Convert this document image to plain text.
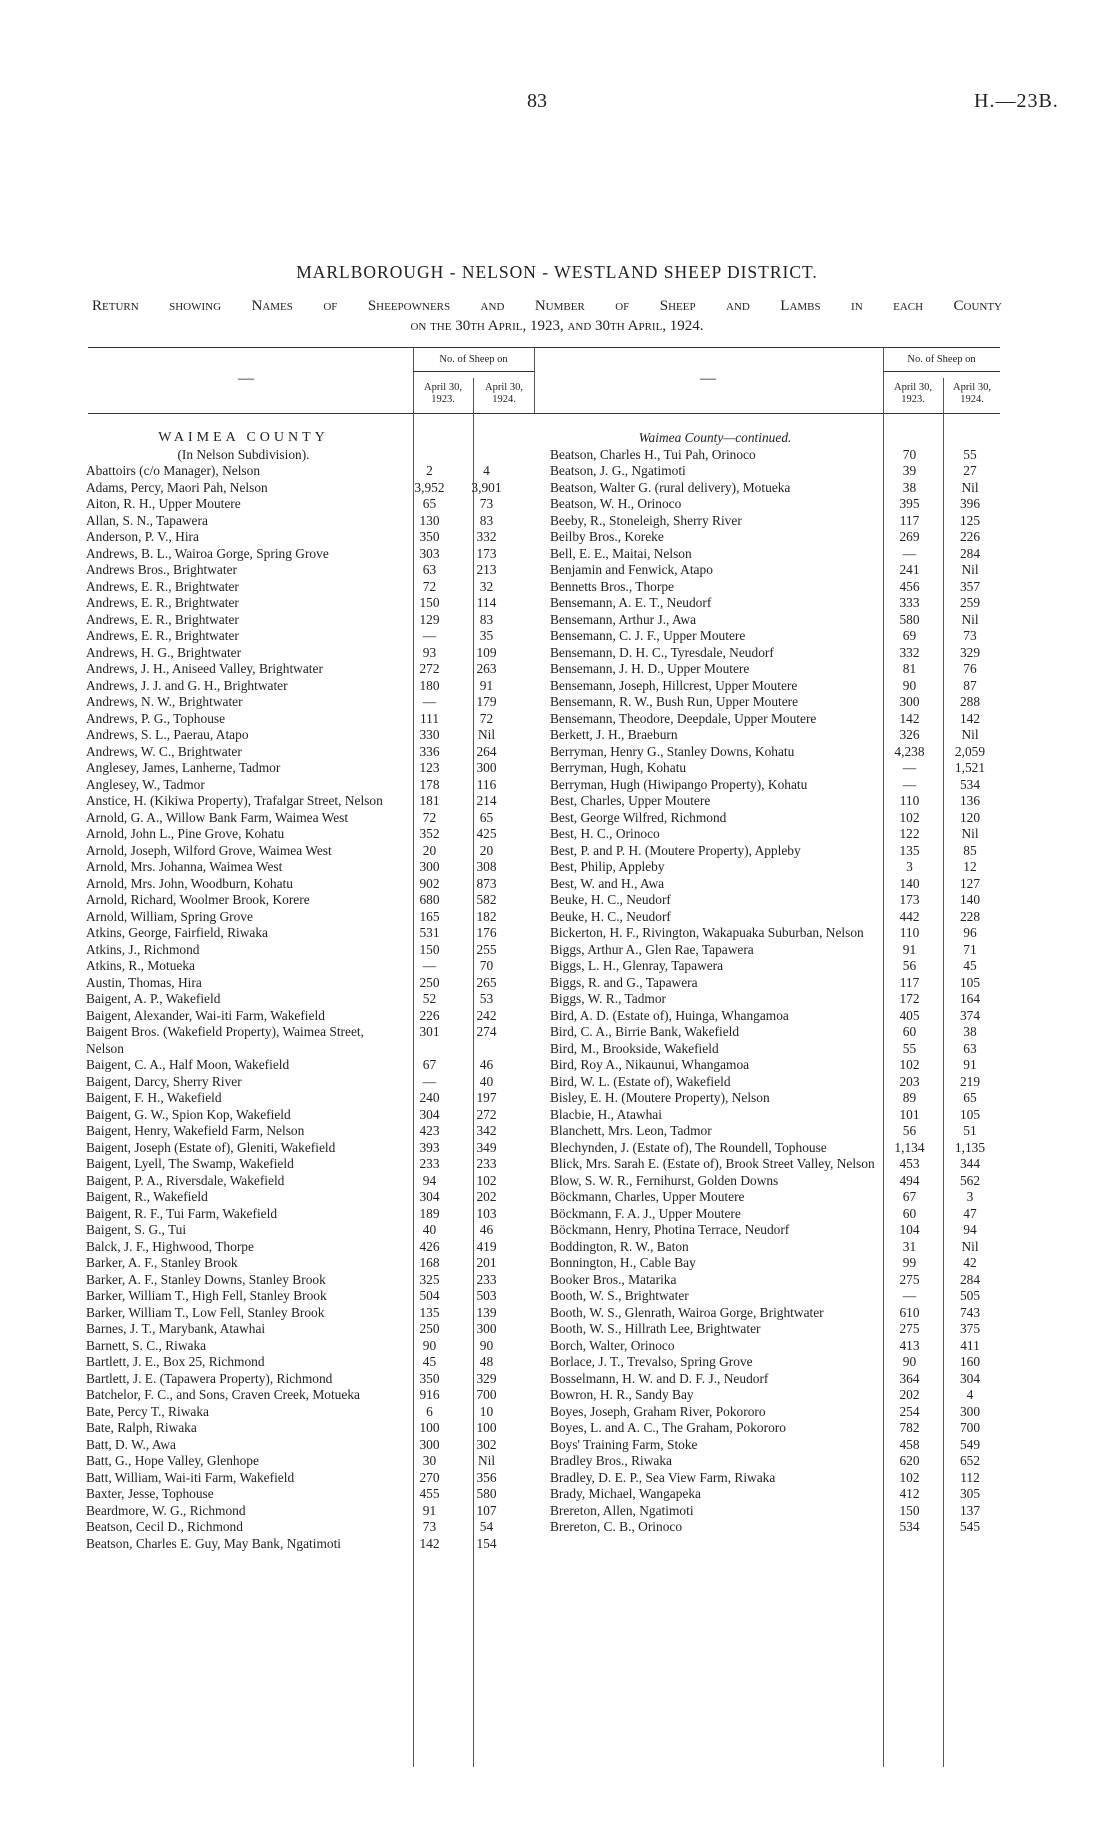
83	H.—23B.
MARLBOROUGH - NELSON - WESTLAND SHEEP DISTRICT.
Return showing Names of Sheepowners and Number of Sheep and Lambs in each County
on the 30th April, 1923, and 30th April, 1924.
—	—
No. of Sheep on
April 30, 1923.
April 30, 1924.
No. of Sheep on
April 30, 1923.
April 30, 1924.
WAIMEA COUNTY
(In Nelson Subdivision).
Abattoirs (c/o Manager), Nelson	2	4
Adams, Percy, Maori Pah, Nelson	3,952	3,901
Aiton, R. H., Upper Moutere	65	73
Allan, S. N., Tapawera	130	83
Anderson, P. V., Hira	350	332
Andrews, B. L., Wairoa Gorge, Spring Grove	303	173
Andrews Bros., Brightwater	63	213
Andrews, E. R., Brightwater	72	32
Andrews, E. R., Brightwater	150	114
Andrews, E. R., Brightwater	129	83
Andrews, E. R., Brightwater	—	35
Andrews, H. G., Brightwater	93	109
Andrews, J. H., Aniseed Valley, Brightwater	272	263
Andrews, J. J. and G. H., Brightwater	180	91
Andrews, N. W., Brightwater	—	179
Andrews, P. G., Tophouse	111	72
Andrews, S. L., Paerau, Atapo	330	Nil
Andrews, W. C., Brightwater	336	264
Anglesey, James, Lanherne, Tadmor	123	300
Anglesey, W., Tadmor	178	116
Anstice, H. (Kikiwa Property), Trafalgar Street, Nelson	181	214
Arnold, G. A., Willow Bank Farm, Waimea West	72	65
Arnold, John L., Pine Grove, Kohatu	352	425
Arnold, Joseph, Wilford Grove, Waimea West	20	20
Arnold, Mrs. Johanna, Waimea West	300	308
Arnold, Mrs. John, Woodburn, Kohatu	902	873
Arnold, Richard, Woolmer Brook, Korere	680	582
Arnold, William, Spring Grove	165	182
Atkins, George, Fairfield, Riwaka	531	176
Atkins, J., Richmond	150	255
Atkins, R., Motueka	—	70
Austin, Thomas, Hira	250	265
Baigent, A. P., Wakefield	52	53
Baigent, Alexander, Wai-iti Farm, Wakefield	226	242
Baigent Bros. (Wakefield Property), Waimea Street, Nelson
301	274
Baigent, C. A., Half Moon, Wakefield	67	46
Baigent, Darcy, Sherry River	—	40
Baigent, F. H., Wakefield	240	197
Baigent, G. W., Spion Kop, Wakefield	304	272
Baigent, Henry, Wakefield Farm, Nelson	423	342
Baigent, Joseph (Estate of), Gleniti, Wakefield	393	349
Baigent, Lyell, The Swamp, Wakefield	233	233
Baigent, P. A., Riversdale, Wakefield	94	102
Baigent, R., Wakefield	304	202
Baigent, R. F., Tui Farm, Wakefield	189	103
Baigent, S. G., Tui	40	46
Balck, J. F., Highwood, Thorpe	426	419
Barker, A. F., Stanley Brook	168	201
Barker, A. F., Stanley Downs, Stanley Brook	325	233
Barker, William T., High Fell, Stanley Brook	504	503
Barker, William T., Low Fell, Stanley Brook	135	139
Barnes, J. T., Marybank, Atawhai	250	300
Barnett, S. C., Riwaka	90	90
Bartlett, J. E., Box 25, Richmond	45	48
Bartlett, J. E. (Tapawera Property), Richmond	350	329
Batchelor, F. C., and Sons, Craven Creek, Motueka	916	700
Bate, Percy T., Riwaka	6	10
Bate, Ralph, Riwaka	100	100
Batt, D. W., Awa	300	302
Batt, G., Hope Valley, Glenhope	30	Nil
Batt, William, Wai-iti Farm, Wakefield	270	356
Baxter, Jesse, Tophouse	455	580
Beardmore, W. G., Richmond	91	107
Beatson, Cecil D., Richmond	73	54
Beatson, Charles E. Guy, May Bank, Ngatimoti	142	154
Waimea County—continued.
Beatson, Charles H., Tui Pah, Orinoco	70	55
Beatson, J. G., Ngatimoti	39	27
Beatson, Walter G. (rural delivery), Motueka	38	Nil
Beatson, W. H., Orinoco	395	396
Beeby, R., Stoneleigh, Sherry River	117	125
Beilby Bros., Koreke	269	226
Bell, E. E., Maitai, Nelson	—	284
Benjamin and Fenwick, Atapo	241	Nil
Bennetts Bros., Thorpe	456	357
Bensemann, A. E. T., Neudorf	333	259
Bensemann, Arthur J., Awa	580	Nil
Bensemann, C. J. F., Upper Moutere	69	73
Bensemann, D. H. C., Tyresdale, Neudorf	332	329
Bensemann, J. H. D., Upper Moutere	81	76
Bensemann, Joseph, Hillcrest, Upper Moutere	90	87
Bensemann, R. W., Bush Run, Upper Moutere	300	288
Bensemann, Theodore, Deepdale, Upper Moutere	142	142
Berkett, J. H., Braeburn	326	Nil
Berryman, Henry G., Stanley Downs, Kohatu	4,238	2,059
Berryman, Hugh, Kohatu	—	1,521
Berryman, Hugh (Hiwipango Property), Kohatu	—	534
Best, Charles, Upper Moutere	110	136
Best, George Wilfred, Richmond	102	120
Best, H. C., Orinoco	122	Nil
Best, P. and P. H. (Moutere Property), Appleby	135	85
Best, Philip, Appleby	3	12
Best, W. and H., Awa	140	127
Beuke, H. C., Neudorf	173	140
Beuke, H. C., Neudorf	442	228
Bickerton, H. F., Rivington, Wakapuaka Suburban, Nelson	110	96
Biggs, Arthur A., Glen Rae, Tapawera	91	71
Biggs, L. H., Glenray, Tapawera	56	45
Biggs, R. and G., Tapawera	117	105
Biggs, W. R., Tadmor	172	164
Bird, A. D. (Estate of), Huinga, Whangamoa	405	374
Bird, C. A., Birrie Bank, Wakefield	60	38
Bird, M., Brookside, Wakefield	55	63
Bird, Roy A., Nikaunui, Whangamoa	102	91
Bird, W. L. (Estate of), Wakefield	203	219
Bisley, E. H. (Moutere Property), Nelson	89	65
Blacbie, H., Atawhai	101	105
Blanchett, Mrs. Leon, Tadmor	56	51
Blechynden, J. (Estate of), The Roundell, Tophouse	1,134	1,135
Blick, Mrs. Sarah E. (Estate of), Brook Street Valley, Nelson	453	344
Blow, S. W. R., Fernihurst, Golden Downs	494	562
Böckmann, Charles, Upper Moutere	67	3
Böckmann, F. A. J., Upper Moutere	60	47
Böckmann, Henry, Photina Terrace, Neudorf	104	94
Boddington, R. W., Baton	31	Nil
Bonnington, H., Cable Bay	99	42
Booker Bros., Matarika	275	284
Booth, W. S., Brightwater	—	505
Booth, W. S., Glenrath, Wairoa Gorge, Brightwater	610	743
Booth, W. S., Hillrath Lee, Brightwater	275	375
Borch, Walter, Orinoco	413	411
Borlace, J. T., Trevalso, Spring Grove	90	160
Bosselmann, H. W. and D. F. J., Neudorf	364	304
Bowron, H. R., Sandy Bay	202	4
Boyes, Joseph, Graham River, Pokororo	254	300
Boyes, L. and A. C., The Graham, Pokororo	782	700
Boys' Training Farm, Stoke	458	549
Bradley Bros., Riwaka	620	652
Bradley, D. E. P., Sea View Farm, Riwaka	102	112
Brady, Michael, Wangapeka	412	305
Brereton, Allen, Ngatimoti	150	137
Brereton, C. B., Orinoco	534	545
